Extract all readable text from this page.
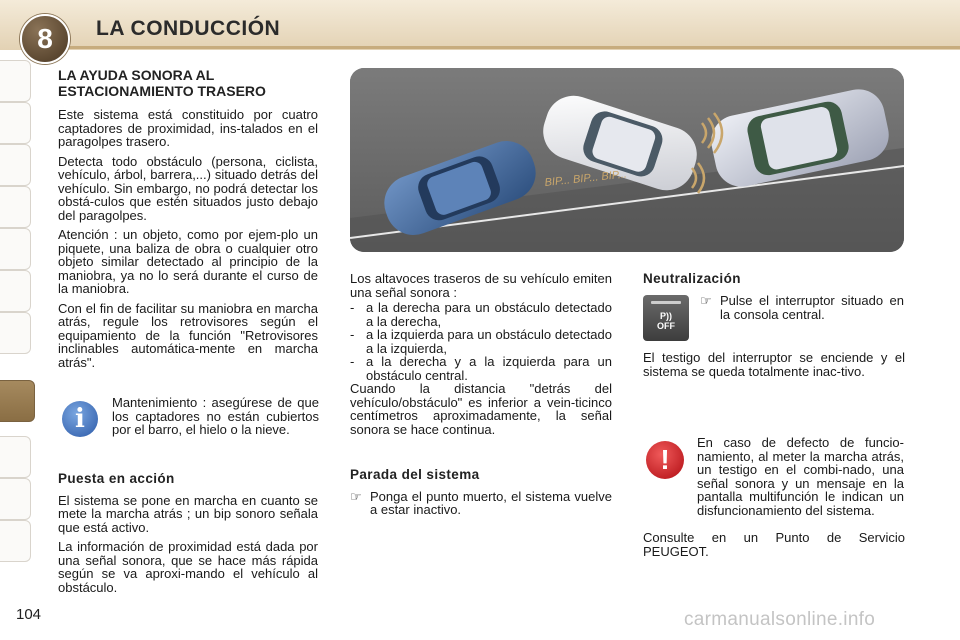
8	LA CONDUCCIÓN
LA AYUDA SONORA AL
ESTACIONAMIENTO TRASERO

Este sistema está constituido por cuatro captadores de proximidad, ins-talados en el paragolpes trasero.

Detecta todo obstáculo (persona, ciclista, vehículo, árbol, barrera,...) situado detrás del vehículo. Sin embargo, no podrá detectar los obstá-culos que estén situados justo debajo del paragolpes.

Atención : un objeto, como por ejem-plo un piquete, una baliza de obra o cualquier otro objeto similar detectado al principio de la maniobra, ya no lo será durante el curso de la maniobra.

Con el fin de facilitar su maniobra en marcha atrás, regule los retrovisores según el equipamiento de la función "Retrovisores inclinables automática-mente en marcha atrás".

i

Mantenimiento : asegúrese de que los captadores no están cubiertos por el barro, el hielo o la nieve.

Puesta en acción

El sistema se pone en marcha en cuanto se mete la marcha atrás ; un bip sonoro señala que está activo.

La información de proximidad está dada por una señal sonora, que se hace más rápida según se va aproxi-mando el vehículo al obstáculo.

BIP... BIP... BIP...

Los altavoces traseros de su vehículo emiten una señal sonora :

- a la derecha para un obstáculo detectado a la derecha,
- a la izquierda para un obstáculo detectado a la izquierda,
- a la derecha y a la izquierda para un obstáculo central.

Cuando la distancia "detrás del vehículo/obstáculo" es inferior a vein-ticinco centímetros aproximadamente, la señal sonora se hace continua.

Parada del sistema
☞ Ponga el punto muerto, el sistema vuelve a estar inactivo.
Neutralización
P))
OFF
☞ Pulse el interruptor situado en la consola central.

El testigo del interruptor se enciende y el sistema se queda totalmente inac-tivo.

!

En caso de defecto de funcio-namiento, al meter la marcha atrás, un testigo en el combi-nado, una señal sonora y un mensaje en la pantalla multifunción le indican un disfuncionamiento del sistema.

Consulte en un Punto de Servicio PEUGEOT.

104	carmanualsonline.info
